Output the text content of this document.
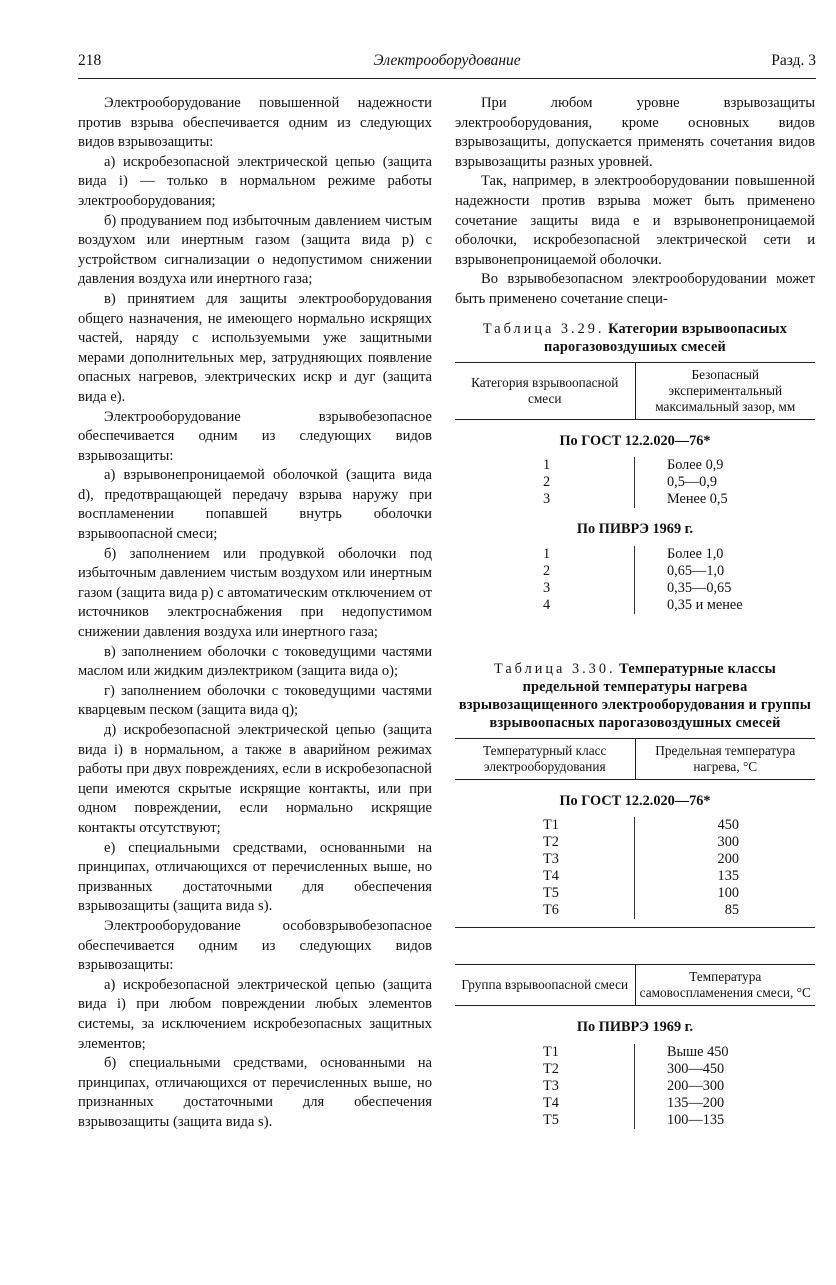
218	Электрооборудование	Разд. 3

Электрооборудование повышенной надежности против взрыва обеспечивается одним из следующих видов взрывозащиты:

а) искробезопасной электрической цепью (защита вида i) — только в нормальном режиме работы электрооборудования;

б) продуванием под избыточным давлением чистым воздухом или инертным газом (защита вида р) с устройством сигнализации о недопустимом снижении давления воздуха или инертного газа;

в) принятием для защиты электрооборудования общего назначения, не имеющего нормально искрящих частей, наряду с используемыми уже защитными мерами дополнительных мер, затрудняющих появление опасных нагревов, электрических искр и дуг (защита вида е).

Электрооборудование взрывобезопасное обеспечивается одним из следующих видов взрывозащиты:

а) взрывонепроницаемой оболочкой (защита вида d), предотвращающей передачу взрыва наружу при воспламенении попавшей внутрь оболочки взрывоопасной смеси;

б) заполнением или продувкой оболочки под избыточным давлением чистым воздухом или инертным газом (защита вида р) с автоматическим отключением от источников электроснабжения при недопустимом снижении давления воздуха или инертного газа;

в) заполнением оболочки с токоведущими частями маслом или жидким диэлектриком (защита вида о);

г) заполнением оболочки с токоведущими частями кварцевым песком (защита вида q);

д) искробезопасной электрической цепью (защита вида i) в нормальном, а также в аварийном режимах работы при двух повреждениях, если в искробезопасной цепи имеются скрытые искрящие контакты, или при одном повреждении, если нормально искрящие контакты отсутствуют;

е) специальными средствами, основанными на принципах, отличающихся от перечисленных выше, но призванных достаточными для обеспечения взрывозащиты (защита вида s).

Электрооборудование особовзрывобезопасное обеспечивается одним из следующих видов взрывозащиты:

а) искробезопасной электрической цепью (защита вида i) при любом повреждении любых элементов системы, за исключением искробезопасных защитных элементов;

б) специальными средствами, основанными на принципах, отличающихся от перечисленных выше, но признанных достаточными для обеспечения взрывозащиты (защита вида s).

При любом уровне взрывозащиты электрооборудования, кроме основных видов взрывозащиты, допускается применять сочетания видов взрывозащиты разных уровней.

Так, например, в электрооборудовании повышенной надежности против взрыва может быть применено сочетание защиты вида е и взрывонепроницаемой оболочки, искробезопасной электрической сети и взрывонепроницаемой оболочки.

Во взрывобезопасном электрооборудовании может быть применено сочетание специ-

Таблица 3.29. Категории взрывоопасиых парогазовоздушиых смесей
Категория взрывоопасной смеси	Безопасный экспериментальный максимальный зазор, мм
По ГОСТ 12.2.020—76*
1	Более 0,9
2	0,5—0,9
3	Менее 0,5
По ПИВРЭ 1969 г.
1	Более 1,0
2	0,65—1,0
3	0,35—0,65
4	0,35 и менее
Таблица 3.30. Температурные классы предельной температуры нагрева взрывозащищенного электрооборудования и группы взрывоопасных парогазовоздушных смесей
Температурный класс электрооборудования	Предельная температура нагрева, °С
По ГОСТ 12.2.020—76*
T1	450
T2	300
T3	200
T4	135
T5	100
T6	85
Группа взрывоопасной смеси	Температура самовоспламенения смеси, °С
По ПИВРЭ 1969 г.
T1	Выше 450
T2	300—450
T3	200—300
T4	135—200
T5	100—135
